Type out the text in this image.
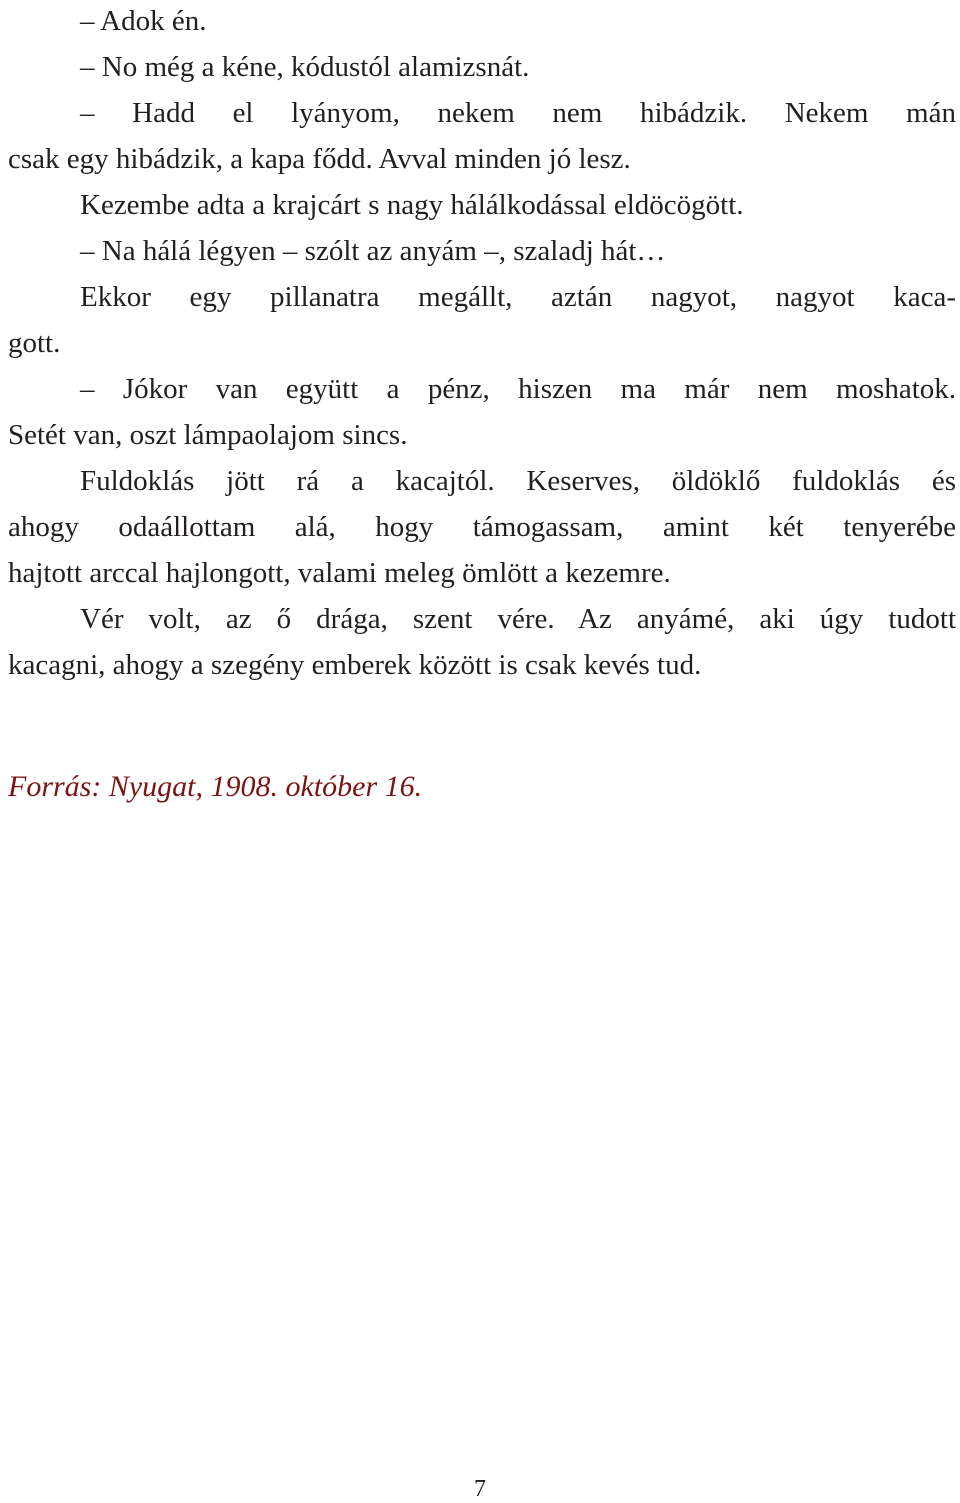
– Adok én.
– No még a kéne, kódustól alamizsnát.
– Hadd el lyányom, nekem nem hibádzik. Nekem mán
csak egy hibádzik, a kapa fődd. Avval minden jó lesz.
Kezembe adta a krajcárt s nagy hálálkodással eldöcögött.
– Na hálá légyen – szólt az anyám –, szaladj hát…
Ekkor egy pillanatra megállt, aztán nagyot, nagyot kaca-
gott.
– Jókor van együtt a pénz, hiszen ma már nem moshatok.
Setét van, oszt lámpaolajom sincs.
Fuldoklás jött rá a kacajtól. Keserves, öldöklő fuldoklás és
ahogy odaállottam alá, hogy támogassam, amint két tenyerébe
hajtott arccal hajlongott, valami meleg ömlött a kezemre.
Vér volt, az ő drága, szent vére. Az anyámé, aki úgy tudott
kacagni, ahogy a szegény emberek között is csak kevés tud.
Forrás: Nyugat, 1908. október 16.
7
